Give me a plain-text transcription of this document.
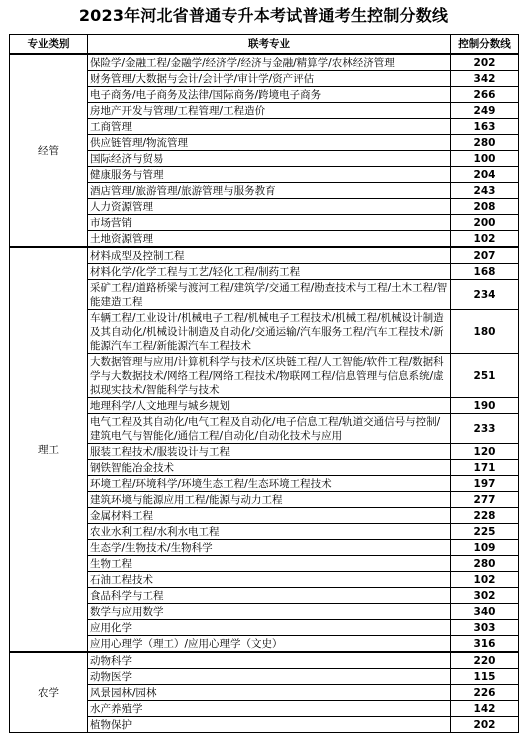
2023年河北省普通专升本考试普通考生控制分数线
专业类别	联考专业	控制分数线
经管	保险学/金融工程/金融学/经济学/经济与金融/精算学/农林经济管理	202
	财务管理/大数据与会计/会计学/审计学/资产评估	342
	电子商务/电子商务及法律/国际商务/跨境电子商务	266
	房地产开发与管理/工程管理/工程造价	249
	工商管理	163
	供应链管理/物流管理	280
	国际经济与贸易	100
	健康服务与管理	204
	酒店管理/旅游管理/旅游管理与服务教育	243
	人力资源管理	208
	市场营销	200
	土地资源管理	102
理工	材料成型及控制工程	207
	材料化学/化学工程与工艺/轻化工程/制药工程	168
	采矿工程/道路桥梁与渡河工程/建筑学/交通工程/勘查技术与工程/土木工程/智能建造工程	234
	车辆工程/工业设计/机械电子工程/机械电子工程技术/机械工程/机械设计制造及其自动化/机械设计制造及自动化/交通运输/汽车服务工程/汽车工程技术/新能源汽车工程/新能源汽车工程技术	180
	大数据管理与应用/计算机科学与技术/区块链工程/人工智能/软件工程/数据科学与大数据技术/网络工程/网络工程技术/物联网工程/信息管理与信息系统/虚拟现实技术/智能科学与技术	251
	地理科学/人文地理与城乡规划	190
	电气工程及其自动化/电气工程及自动化/电子信息工程/轨道交通信号与控制/建筑电气与智能化/通信工程/自动化/自动化技术与应用	233
	服装工程技术/服装设计与工程	120
	钢铁智能冶金技术	171
	环境工程/环境科学/环境生态工程/生态环境工程技术	197
	建筑环境与能源应用工程/能源与动力工程	277
	金属材料工程	228
	农业水利工程/水利水电工程	225
	生态学/生物技术/生物科学	109
	生物工程	280
	石油工程技术	102
	食品科学与工程	302
	数学与应用数学	340
	应用化学	303
	应用心理学（理工）/应用心理学（文史）	316
农学	动物科学	220
	动物医学	115
	风景园林/园林	226
	水产养殖学	142
	植物保护	202
